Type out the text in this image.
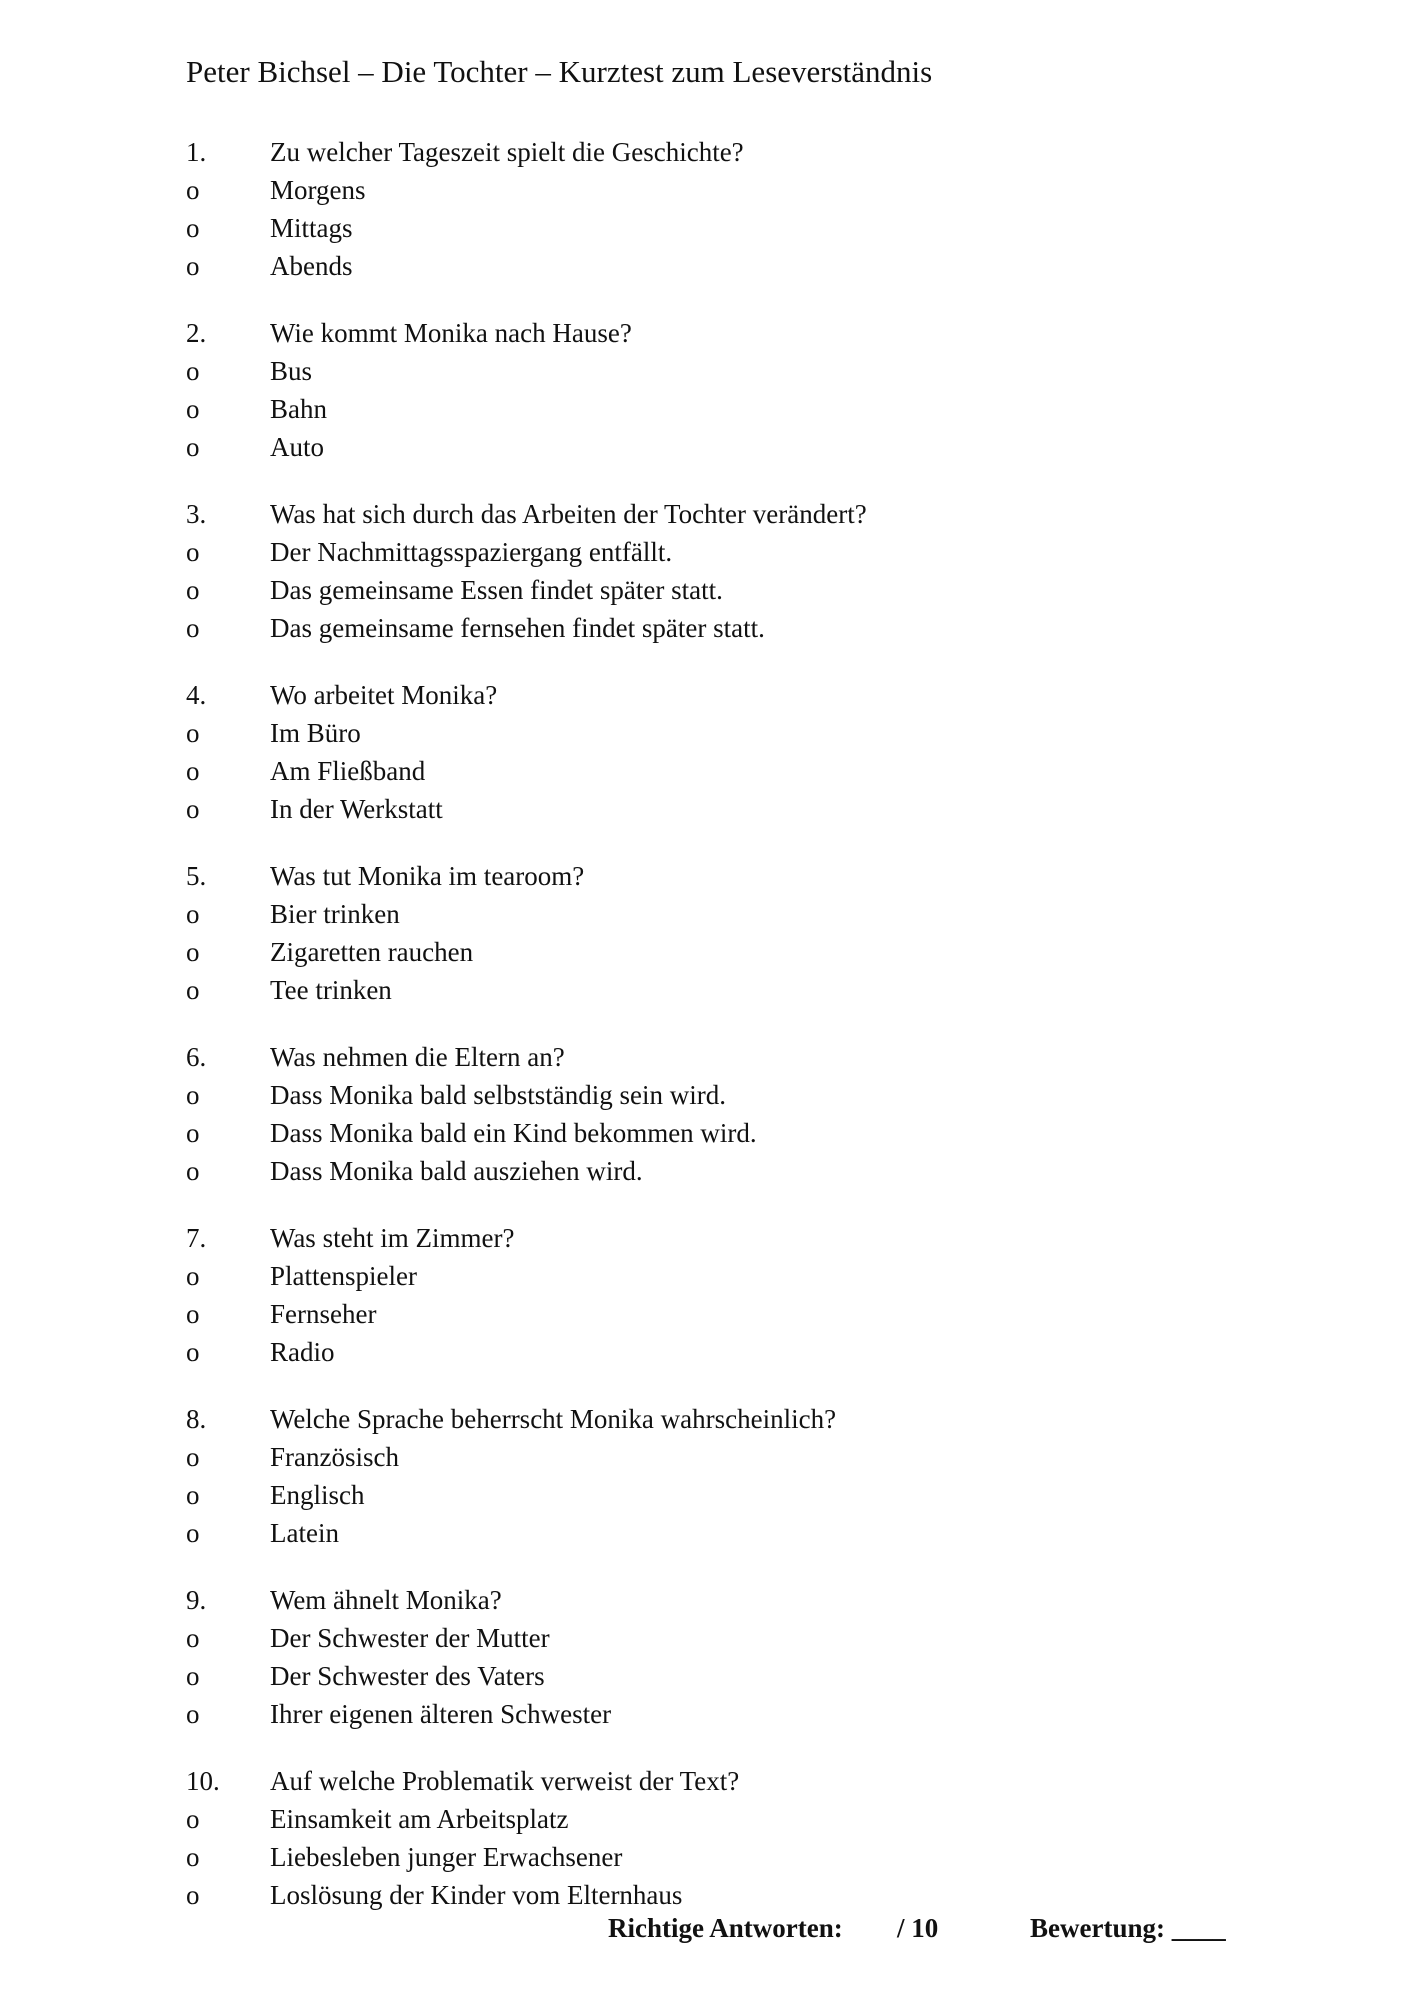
Peter Bichsel – Die Tochter – Kurztest zum Leseverständnis
1. Zu welcher Tageszeit spielt die Geschichte?
o	Morgens
o	Mittags
o	Abends
2. Wie kommt Monika nach Hause?
o	Bus
o	Bahn
o	Auto
3. Was hat sich durch das Arbeiten der Tochter verändert?
o	Der Nachmittagsspaziergang entfällt.
o	Das gemeinsame Essen findet später statt.
o	Das gemeinsame fernsehen findet später statt.
4. Wo arbeitet Monika?
o	Im Büro
o	Am Fließband
o	In der Werkstatt
5. Was tut Monika im tearoom?
o	Bier trinken
o	Zigaretten rauchen
o	Tee trinken
6. Was nehmen die Eltern an?
o	Dass Monika bald selbstständig sein wird.
o	Dass Monika bald ein Kind bekommen wird.
o	Dass Monika bald ausziehen wird.
7. Was steht im Zimmer?
o	Plattenspieler
o	Fernseher
o	Radio
8. Welche Sprache beherrscht Monika wahrscheinlich?
o	Französisch
o	Englisch
o	Latein
9. Wem ähnelt Monika?
o	Der Schwester der Mutter
o	Der Schwester des Vaters
o	Ihrer eigenen älteren Schwester
10. Auf welche Problematik verweist der Text?
o	Einsamkeit am Arbeitsplatz
o	Liebesleben junger Erwachsener
o	Loslösung der Kinder vom Elternhaus
Richtige Antworten: / 10	Bewertung: ____
